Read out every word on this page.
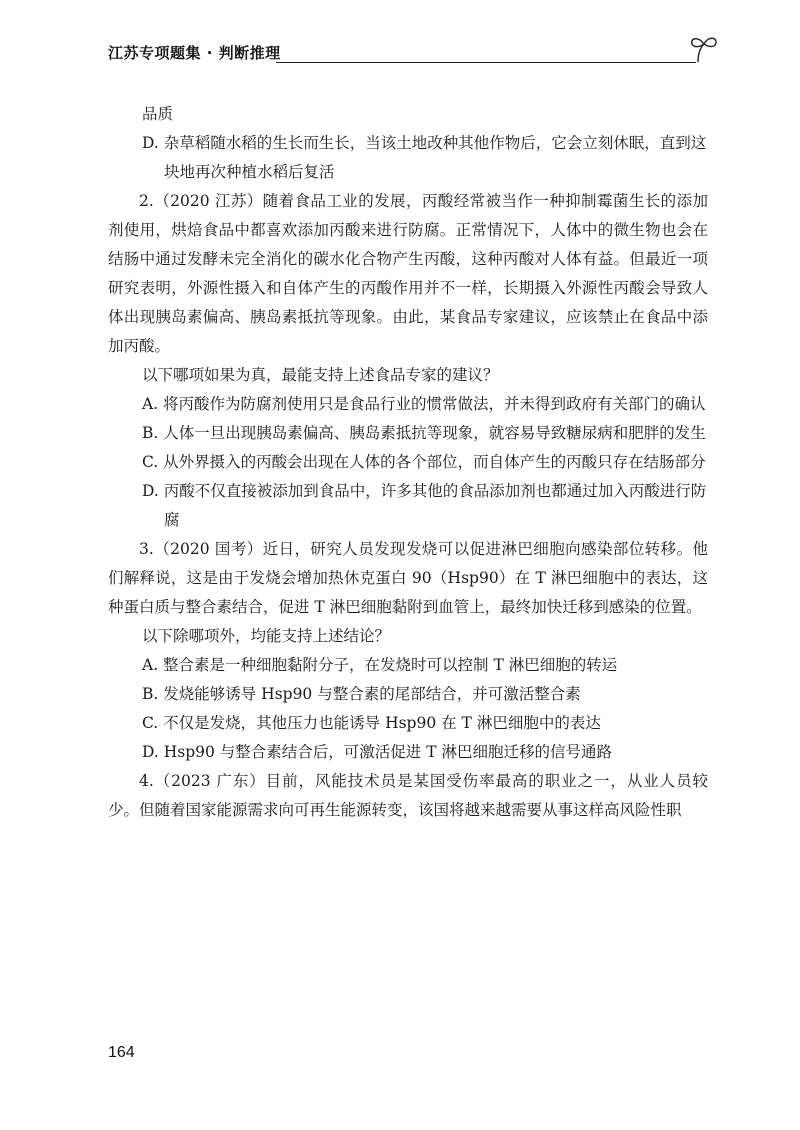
江苏专项题集 · 判断推理

品质

D. 杂草稻随水稻的生长而生长，当该土地改种其他作物后，它会立刻休眠，直到这块地再次种植水稻后复活

2.（2020 江苏）随着食品工业的发展，丙酸经常被当作一种抑制霉菌生长的添加剂使用，烘焙食品中都喜欢添加丙酸来进行防腐。正常情况下，人体中的微生物也会在结肠中通过发酵未完全消化的碳水化合物产生丙酸，这种丙酸对人体有益。但最近一项研究表明，外源性摄入和自体产生的丙酸作用并不一样，长期摄入外源性丙酸会导致人体出现胰岛素偏高、胰岛素抵抗等现象。由此，某食品专家建议，应该禁止在食品中添加丙酸。

以下哪项如果为真，最能支持上述食品专家的建议？

A. 将丙酸作为防腐剂使用只是食品行业的惯常做法，并未得到政府有关部门的确认

B. 人体一旦出现胰岛素偏高、胰岛素抵抗等现象，就容易导致糖尿病和肥胖的发生

C. 从外界摄入的丙酸会出现在人体的各个部位，而自体产生的丙酸只存在结肠部分

D. 丙酸不仅直接被添加到食品中，许多其他的食品添加剂也都通过加入丙酸进行防腐

3.（2020 国考）近日，研究人员发现发烧可以促进淋巴细胞向感染部位转移。他们解释说，这是由于发烧会增加热休克蛋白 90（Hsp90）在 T 淋巴细胞中的表达，这种蛋白质与整合素结合，促进 T 淋巴细胞黏附到血管上，最终加快迁移到感染的位置。

以下除哪项外，均能支持上述结论？

A. 整合素是一种细胞黏附分子，在发烧时可以控制 T 淋巴细胞的转运

B. 发烧能够诱导 Hsp90 与整合素的尾部结合，并可激活整合素

C. 不仅是发烧，其他压力也能诱导 Hsp90 在 T 淋巴细胞中的表达

D. Hsp90 与整合素结合后，可激活促进 T 淋巴细胞迁移的信号通路

4.（2023 广东）目前，风能技术员是某国受伤率最高的职业之一，从业人员较少。但随着国家能源需求向可再生能源转变，该国将越来越需要从事这样高风险性职

164
